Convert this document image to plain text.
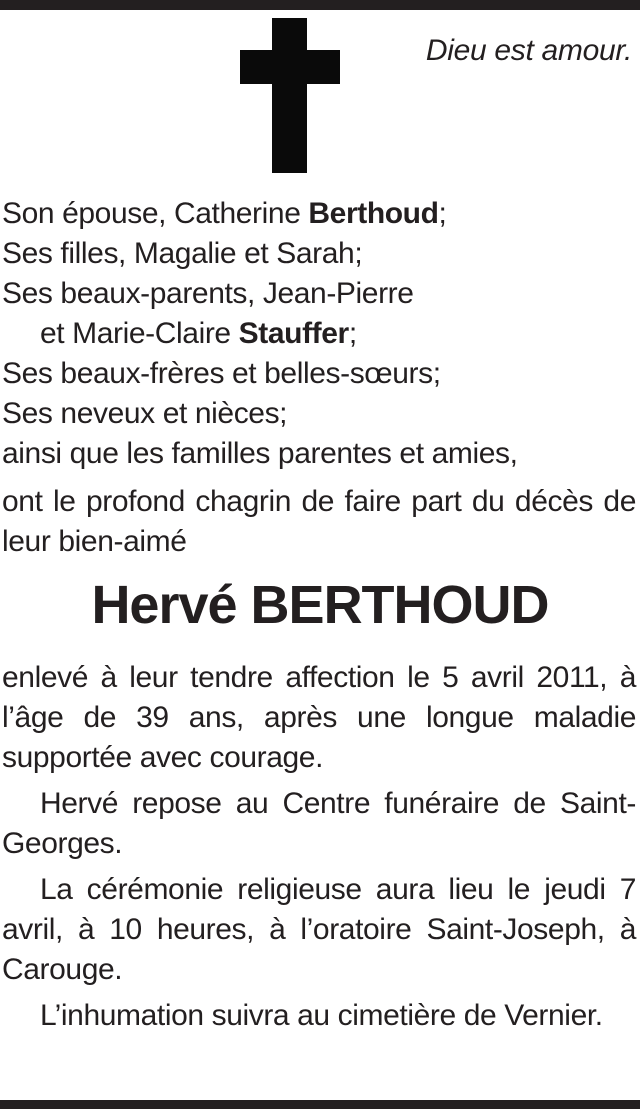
Dieu est amour.
Son épouse, Catherine Berthoud;
Ses filles, Magalie et Sarah;
Ses beaux-parents, Jean-Pierre
et Marie-Claire Stauffer;
Ses beaux-frères et belles-sœurs;
Ses neveux et nièces;
ainsi que les familles parentes et amies,
ont le profond chagrin de faire part du décès de leur bien-aimé
Hervé BERTHOUD

enlevé à leur tendre affection le 5 avril 2011, à l’âge de 39 ans, après une longue maladie supportée avec courage.

Hervé repose au Centre funéraire de Saint-Georges.

La cérémonie religieuse aura lieu le jeudi 7 avril, à 10 heures, à l’oratoire Saint-Joseph, à Carouge.

L’inhumation suivra au cimetière de Vernier.
